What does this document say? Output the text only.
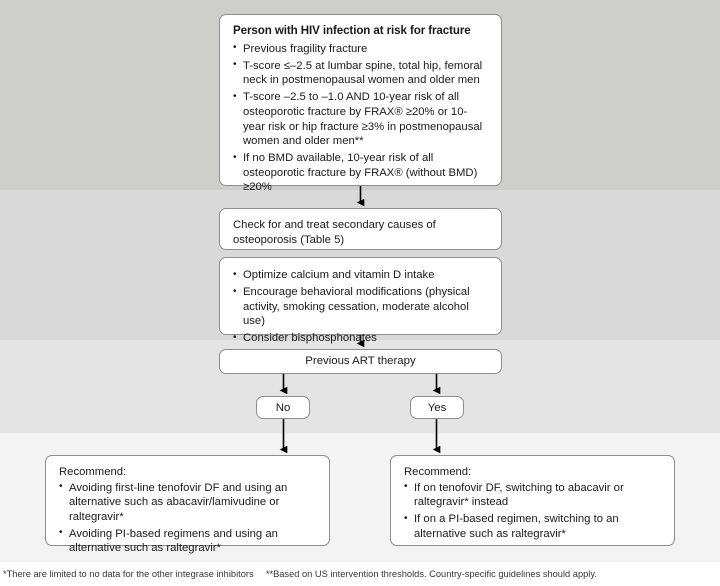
Person with HIV infection at risk for fracture
• Previous fragility fracture
• T-score ≤–2.5 at lumbar spine, total hip, femoral neck in postmenopausal women and older men
• T-score –2.5 to –1.0 AND 10-year risk of all osteoporotic fracture by FRAX® ≥20% or 10-year risk or hip fracture ≥3% in postmenopausal women and older men**
• If no BMD available, 10-year risk of all osteoporotic fracture by FRAX® (without BMD) ≥20%
Check for and treat secondary causes of osteoporosis (Table 5)
• Optimize calcium and vitamin D intake
• Encourage behavioral modifications (physical activity, smoking cessation, moderate alcohol use)
• Consider bisphosphonates
Previous ART therapy
No	Yes

Recommend:

• Avoiding first-line tenofovir DF and using an alternative such as abacavir/lamivudine or raltegravir*
• Avoiding PI-based regimens and using an alternative such as raltegravir*

Recommend:

• If on tenofovir DF, switching to abacavir or raltegravir* instead
• If on a PI-based regimen, switching to an alternative such as raltegravir*
*There are limited to no data for the other integrase inhibitors **Based on US intervention thresholds. Country-specific guidelines should apply.
